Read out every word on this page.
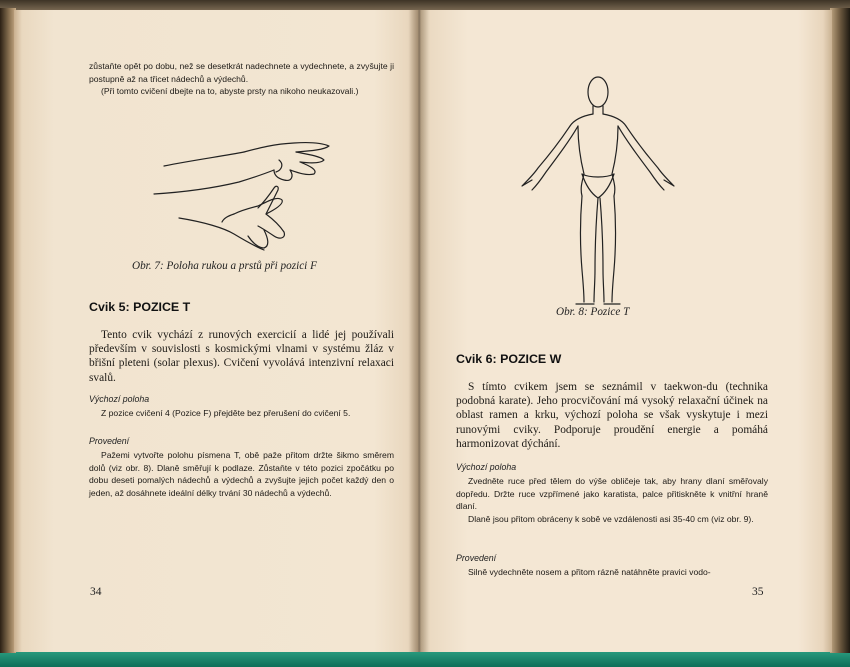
zůstaňte opět po dobu, než se desetkrát nadechnete a vydechnete, a zvyšujte ji postupně až na třicet nádechů a výdechů.

(Při tomto cvičení dbejte na to, abyste prsty na nikoho neukazovali.)

Obr. 7: Poloha rukou a prstů při pozici F

Cvik 5: POZICE T

Tento cvik vychází z runových exercicií a lidé jej používali především v souvislosti s kosmickými vlnami v systému žláz v břišní pleteni (solar plexus). Cvičení vyvolává intenzivní relaxaci svalů.

Výchozí poloha

Z pozice cvičení 4 (Pozice F) přejděte bez přerušení do cvičení 5.

Provedení

Pažemi vytvořte polohu písmena T, obě paže přitom držte šikmo směrem dolů (viz obr. 8). Dlaně směřují k podlaze. Zůstaňte v této pozici zpočátku po dobu deseti pomalých nádechů a výdechů a zvyšujte jejich počet každý den o jeden, až dosáhnete ideální délky trvání 30 nádechů a výdechů.

34

Obr. 8: Pozice T

Cvik 6: POZICE W

S tímto cvikem jsem se seznámil v taekwon-du (technika podobná karate). Jeho procvičování má vysoký relaxační účinek na oblast ramen a krku, výchozí poloha se však vyskytuje i mezi runovými cviky. Podporuje proudění energie a pomáhá harmonizovat dýchání.

Výchozí poloha

Zvedněte ruce před tělem do výše obličeje tak, aby hrany dlaní směřovaly dopředu. Držte ruce vzpřímené jako karatista, palce přitiskněte k vnitřní hraně dlaní.

Dlaně jsou přitom obráceny k sobě ve vzdálenosti asi 35-40 cm (viz obr. 9).

Provedení

Silně vydechněte nosem a přitom rázně natáhněte pravici vodo-

35
